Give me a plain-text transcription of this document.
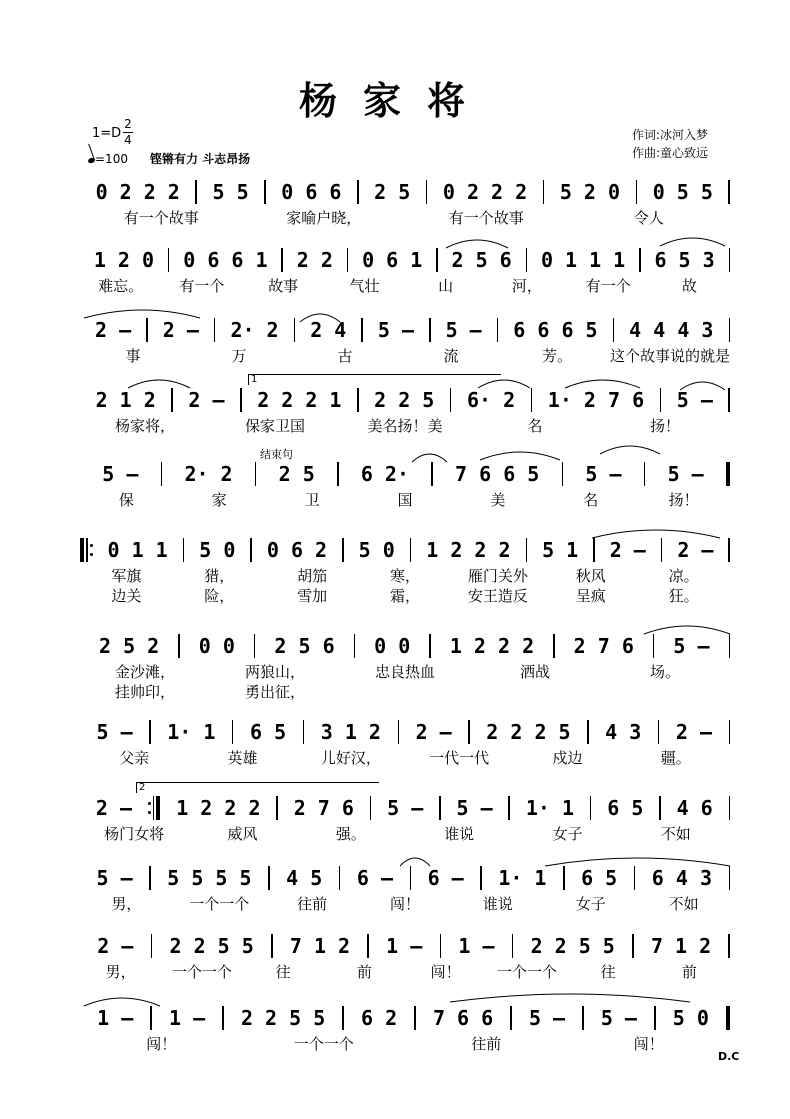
杨家将
1=D
2
4
=100 铿锵有力 斗志昂扬
作词:冰河入梦
作曲:童心致远
0 2 2 2	5 5	0 6 6	2 5	0 2 2 2	5 2 0	0 5 5
有一个故事	家喻户晓，	有一个故事	令人
1 2 0	0 6 6 1	2 2	0 6 1	2 5 6	0 1 1 1	6 5 3
难忘。	有一个	故事	气壮	山	河，	有一个	故
2 –	2 –	2· 2	2 4	5 –	5 –	6 6 6 5	4 4 4 3
事	万	古	流	芳。	这个故事说的就是
2 1 2	2 –	2 2 2 1	2 2 5	6· 2	1· 2 7 6	5 –
杨家将，	保家卫国	美名扬！美	名	扬！
1
结束句
5 –	2· 2	2 5	6 2·	7 6 6 5	5 –	5 –
保	家	卫	国	美	名	扬！
0 1 1	5 0	0 6 2	5 0	1 2 2 2	5 1	2 –	2 –
军旗	猎，	胡笳	寒，	雁门关外	秋风	凉。
边关	险，	雪加	霜，	安王造反	呈疯	狂。
2 5 2	0 0	2 5 6	0 0	1 2 2 2	2 7 6	5 –
金沙滩，	两狼山，	忠良热血	洒战	场。
挂帅印，	勇出征，
5 –	1· 1	6 5	3 1 2	2 –	2 2 2 5	4 3	2 –
父亲	英雄	儿好汉，	一代一代	戍边	疆。
2 –	1 2 2 2	2 7 6	5 –	5 –	1· 1	6 5	4 6
杨门女将	威风	强。	谁说	女子	不如
2
5 –	5 5 5 5	4 5	6 –	6 –	1· 1	6 5	6 4 3
男，	一个一个	往前	闯！	谁说	女子	不如
2 –	2 2 5 5	7 1 2	1 –	1 –	2 2 5 5	7 1 2
男，	一个一个	往	前	闯！	一个一个	往	前
1 –	1 –	2 2 5 5	6 2	7 6 6	5 –	5 –	5 0
闯！	一个一个	往前	闯！
D.C
